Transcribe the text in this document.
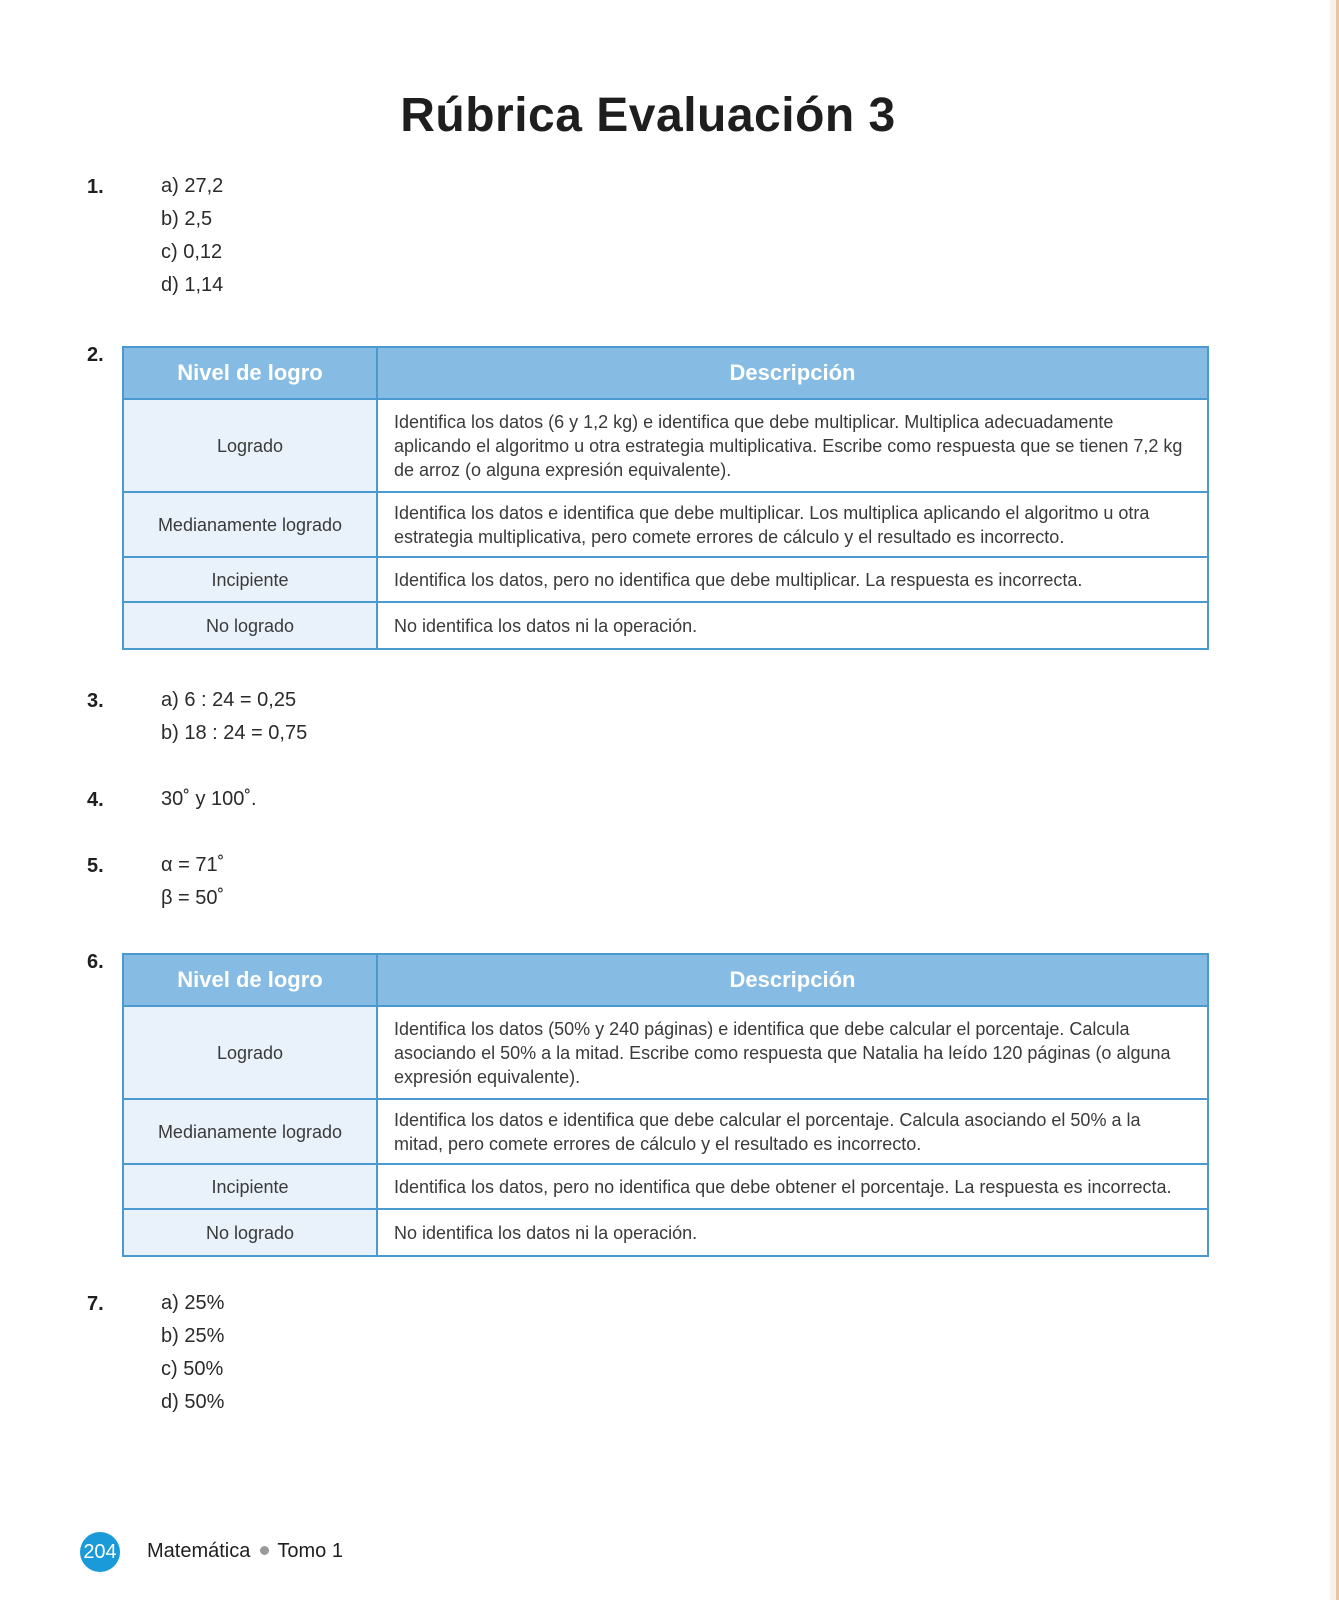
Rúbrica Evaluación 3
1.	a) 27,2
b) 2,5
c) 0,12
d) 1,14
2.
Nivel de logro	Descripción
Logrado	Identifica los datos (6 y 1,2 kg) e identifica que debe multiplicar. Multiplica adecuadamente aplicando el algoritmo u otra estrategia multiplicativa. Escribe como respuesta que se tienen 7,2 kg de arroz (o alguna expresión equivalente).
Medianamente logrado	Identifica los datos e identifica que debe multiplicar. Los multiplica aplicando el algoritmo u otra estrategia multiplicativa, pero comete errores de cálculo y el resultado es incorrecto.
Incipiente	Identifica los datos, pero no identifica que debe multiplicar. La respuesta es incorrecta.
No logrado	No identifica los datos ni la operación.
3.	a) 6 : 24 = 0,25
b) 18 : 24 = 0,75
4.	30˚ y 100˚.
5.	α = 71˚
β = 50˚
6.
Nivel de logro	Descripción
Logrado	Identifica los datos (50% y 240 páginas) e identifica que debe calcular el porcentaje. Calcula asociando el 50% a la mitad. Escribe como respuesta que Natalia ha leído 120 páginas (o alguna expresión equivalente).
Medianamente logrado	Identifica los datos e identifica que debe calcular el porcentaje. Calcula asociando el 50% a la mitad, pero comete errores de cálculo y el resultado es incorrecto.
Incipiente	Identifica los datos, pero no identifica que debe obtener el porcentaje. La respuesta es incorrecta.
No logrado	No identifica los datos ni la operación.
7.	a) 25%
b) 25%
c) 50%
d) 50%
204 Matemática Tomo 1
